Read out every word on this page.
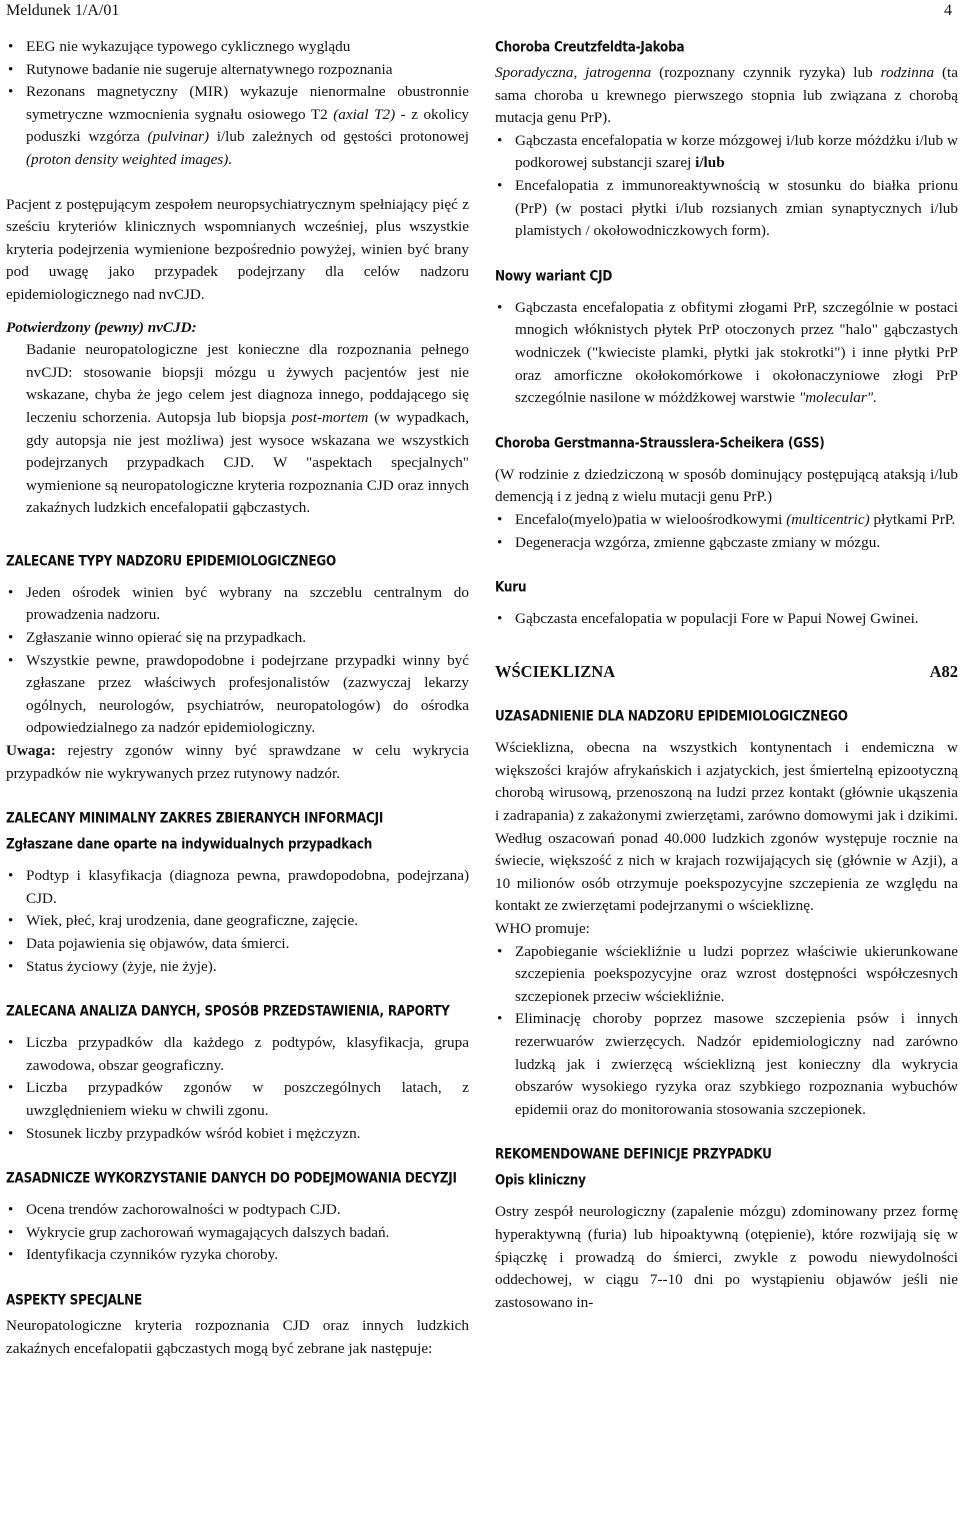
Meldunek 1/A/01	4
• EEG nie wykazujące typowego cyklicznego wyglądu
• Rutynowe badanie nie sugeruje alternatywnego rozpoznania
• Rezonans magnetyczny (MIR) wykazuje nienormalne obustronnie symetryczne wzmocnienia sygnału osiowego T2 (axial T2) - z okolicy poduszki wzgórza (pulvinar) i/lub zależnych od gęstości protonowej (proton density weighted images).

Pacjent z postępującym zespołem neuropsychiatrycznym spełniający pięć z sześciu kryteriów klinicznych wspomnianych wcześniej, plus wszystkie kryteria podejrzenia wymienione bezpośrednio powyżej, winien być brany pod uwagę jako przypadek podejrzany dla celów nadzoru epidemiologicznego nad nvCJD.

Potwierdzony (pewny) nvCJD:

Badanie neuropatologiczne jest konieczne dla rozpoznania pełnego nvCJD: stosowanie biopsji mózgu u żywych pacjentów jest nie wskazane, chyba że jego celem jest diagnoza innego, poddającego się leczeniu schorzenia. Autopsja lub biopsja post-mortem (w wypadkach, gdy autopsja nie jest możliwa) jest wysoce wskazana we wszystkich podejrzanych przypadkach CJD. W "aspektach specjalnych" wymienione są neuropatologiczne kryteria rozpoznania CJD oraz innych zakaźnych ludzkich encefalopatii gąbczastych.

ZALECANE TYPY NADZORU EPIDEMIOLOGICZNEGO
• Jeden ośrodek winien być wybrany na szczeblu centralnym do prowadzenia nadzoru.
• Zgłaszanie winno opierać się na przypadkach.
• Wszystkie pewne, prawdopodobne i podejrzane przypadki winny być zgłaszane przez właściwych profesjonalistów (zazwyczaj lekarzy ogólnych, neurologów, psychiatrów, neuropatologów) do ośrodka odpowiedzialnego za nadzór epidemiologiczny.

Uwaga: rejestry zgonów winny być sprawdzane w celu wykrycia przypadków nie wykrywanych przez rutynowy nadzór.

ZALECANY MINIMALNY ZAKRES ZBIERANYCH INFORMACJI
Zgłaszane dane oparte na indywidualnych przypadkach
• Podtyp i klasyfikacja (diagnoza pewna, prawdopodobna, podejrzana) CJD.
• Wiek, płeć, kraj urodzenia, dane geograficzne, zajęcie.
• Data pojawienia się objawów, data śmierci.
• Status życiowy (żyje, nie żyje).
ZALECANA ANALIZA DANYCH, SPOSÓB PRZEDSTAWIENIA, RAPORTY
• Liczba przypadków dla każdego z podtypów, klasyfikacja, grupa zawodowa, obszar geograficzny.
• Liczba przypadków zgonów w poszczególnych latach, z uwzględnieniem wieku w chwili zgonu.
• Stosunek liczby przypadków wśród kobiet i mężczyzn.
ZASADNICZE WYKORZYSTANIE DANYCH DO PODEJMOWANIA DECYZJI
• Ocena trendów zachorowalności w podtypach CJD.
• Wykrycie grup zachorowań wymagających dalszych badań.
• Identyfikacja czynników ryzyka choroby.
ASPEKTY SPECJALNE

Neuropatologiczne kryteria rozpoznania CJD oraz innych ludzkich zakaźnych encefalopatii gąbczastych mogą być zebrane jak następuje:

Choroba Creutzfeldta-Jakoba

Sporadyczna, jatrogenna (rozpoznany czynnik ryzyka) lub rodzinna (ta sama choroba u krewnego pierwszego stopnia lub związana z chorobą mutacja genu PrP).

• Gąbczasta encefalopatia w korze mózgowej i/lub korze móżdżku i/lub w podkorowej substancji szarej i/lub
• Encefalopatia z immunoreaktywnością w stosunku do białka prionu (PrP) (w postaci płytki i/lub rozsianych zmian synaptycznych i/lub plamistych / okołowodniczkowych form).
Nowy wariant CJD
• Gąbczasta encefalopatia z obfitymi złogami PrP, szczególnie w postaci mnogich włóknistych płytek PrP otoczonych przez "halo" gąbczastych wodniczek ("kwieciste plamki, płytki jak stokrotki") i inne płytki PrP oraz amorficzne okołokomórkowe i okołonaczyniowe złogi PrP szczególnie nasilone w móżdżkowej warstwie "molecular".
Choroba Gerstmanna-Strausslera-Scheikera (GSS)

(W rodzinie z dziedziczoną w sposób dominujący postępującą ataksją i/lub demencją i z jedną z wielu mutacji genu PrP.)

• Encefalo(myelo)patia w wieloośrodkowymi (multicentric) płytkami PrP.
• Degeneracja wzgórza, zmienne gąbczaste zmiany w mózgu.
Kuru
• Gąbczasta encefalopatia w populacji Fore w Papui Nowej Gwinei.
WŚCIEKLIZNA	A82
UZASADNIENIE DLA NADZORU EPIDEMIOLOGICZNEGO

Wścieklizna, obecna na wszystkich kontynentach i endemiczna w większości krajów afrykańskich i azjatyckich, jest śmiertelną epizootyczną chorobą wirusową, przenoszoną na ludzi przez kontakt (głównie ukąszenia i zadrapania) z zakażonymi zwierzętami, zarówno domowymi jak i dzikimi. Według oszacowań ponad 40.000 ludzkich zgonów występuje rocznie na świecie, większość z nich w krajach rozwijających się (głównie w Azji), a 10 milionów osób otrzymuje poekspozycyjne szczepienia ze względu na kontakt ze zwierzętami podejrzanymi o wściekliznę.

WHO promuje:

• Zapobieganie wściekliźnie u ludzi poprzez właściwie ukierunkowane szczepienia poekspozycyjne oraz wzrost dostępności współczesnych szczepionek przeciw wściekliźnie.
• Eliminację choroby poprzez masowe szczepienia psów i innych rezerwuarów zwierzęcych. Nadzór epidemiologiczny nad zarówno ludzką jak i zwierzęcą wścieklizną jest konieczny dla wykrycia obszarów wysokiego ryzyka oraz szybkiego rozpoznania wybuchów epidemii oraz do monitorowania stosowania szczepionek.
REKOMENDOWANE DEFINICJE PRZYPADKU
Opis kliniczny

Ostry zespół neurologiczny (zapalenie mózgu) zdominowany przez formę hyperaktywną (furia) lub hipoaktywną (otępienie), które rozwijają się w śpiączkę i prowadzą do śmierci, zwykle z powodu niewydolności oddechowej, w ciągu 7--10 dni po wystąpieniu objawów jeśli nie zastosowano in-
